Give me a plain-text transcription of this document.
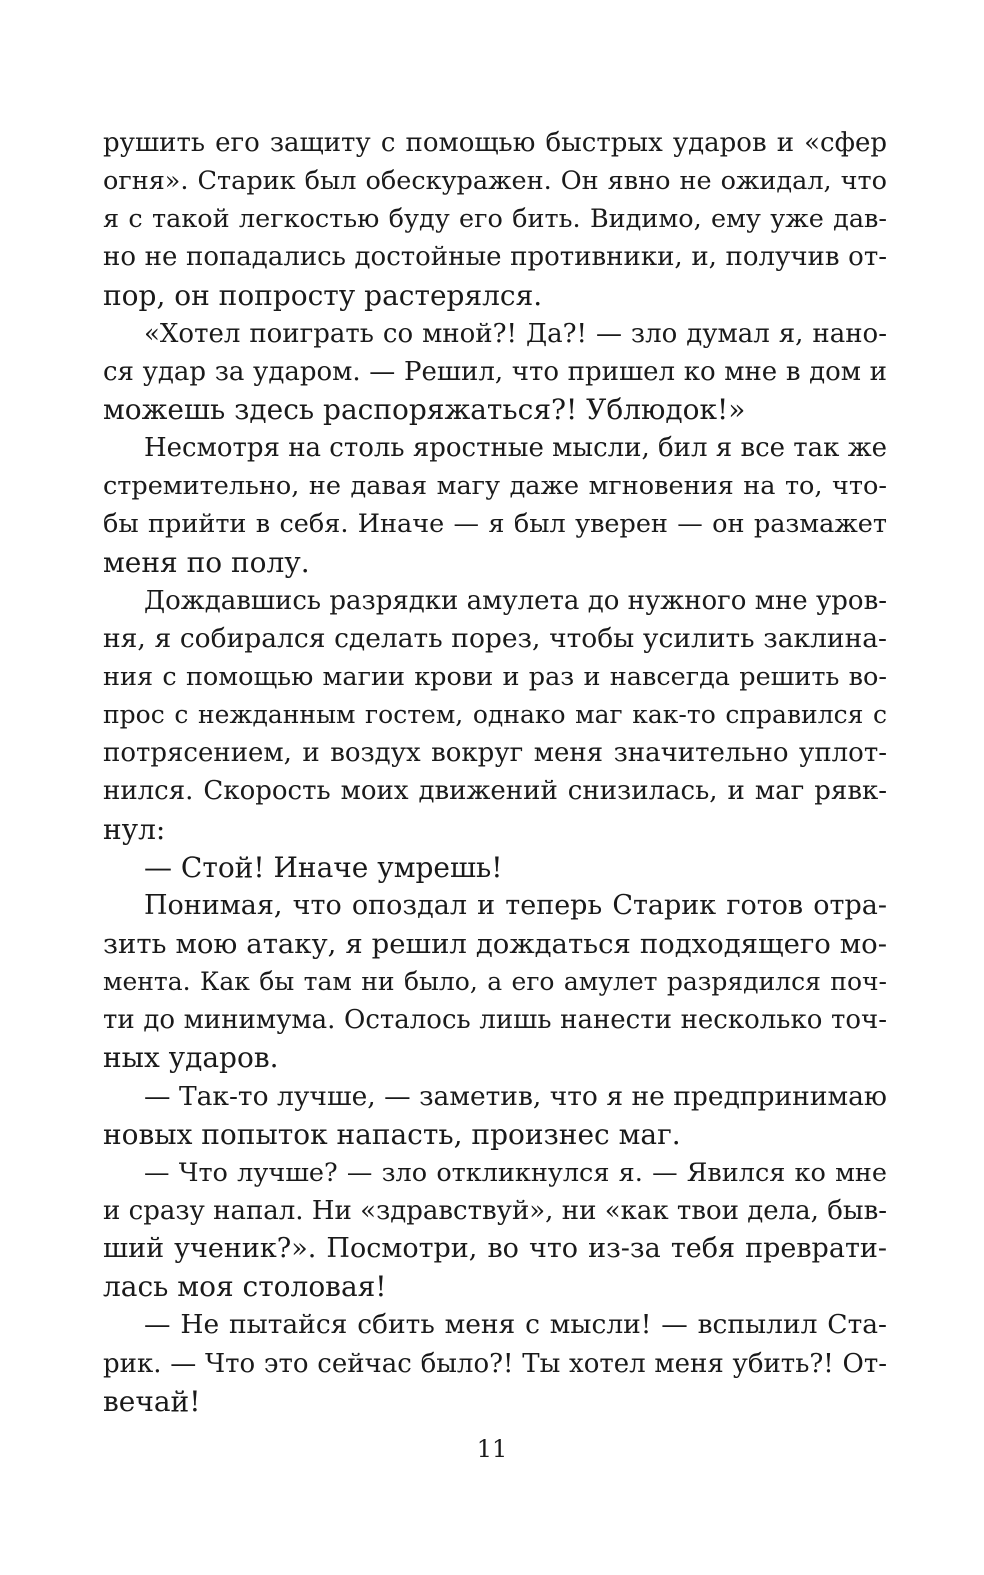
рушить его защиту с помощью быстрых ударов и «сфер
огня». Старик был обескуражен. Он явно не ожидал, что
я с такой легкостью буду его бить. Видимо, ему уже дав-
но не попадались достойные противники, и, получив от-
пор, он попросту растерялся.
«Хотел поиграть со мной?! Да?! — зло думал я, нано-
ся удар за ударом. — Решил, что пришел ко мне в дом и
можешь здесь распоряжаться?! Ублюдок!»
Несмотря на столь яростные мысли, бил я все так же
стремительно, не давая магу даже мгновения на то, что-
бы прийти в себя. Иначе — я был уверен — он размажет
меня по полу.
Дождавшись разрядки амулета до нужного мне уров-
ня, я собирался сделать порез, чтобы усилить заклина-
ния с помощью магии крови и раз и навсегда решить во-
прос с нежданным гостем, однако маг как-то справился с
потрясением, и воздух вокруг меня значительно уплот-
нился. Скорость моих движений снизилась, и маг рявк-
нул:
— Стой! Иначе умрешь!
Понимая, что опоздал и теперь Старик готов отра-
зить мою атаку, я решил дождаться подходящего мо-
мента. Как бы там ни было, а его амулет разрядился поч-
ти до минимума. Осталось лишь нанести несколько точ-
ных ударов.
— Так-то лучше, — заметив, что я не предпринимаю
новых попыток напасть, произнес маг.
— Что лучше? — зло откликнулся я. — Явился ко мне
и сразу напал. Ни «здравствуй», ни «как твои дела, быв-
ший ученик?». Посмотри, во что из-за тебя преврати-
лась моя столовая!
— Не пытайся сбить меня с мысли! — вспылил Ста-
рик. — Что это сейчас было?! Ты хотел меня убить?! От-
вечай!
11
